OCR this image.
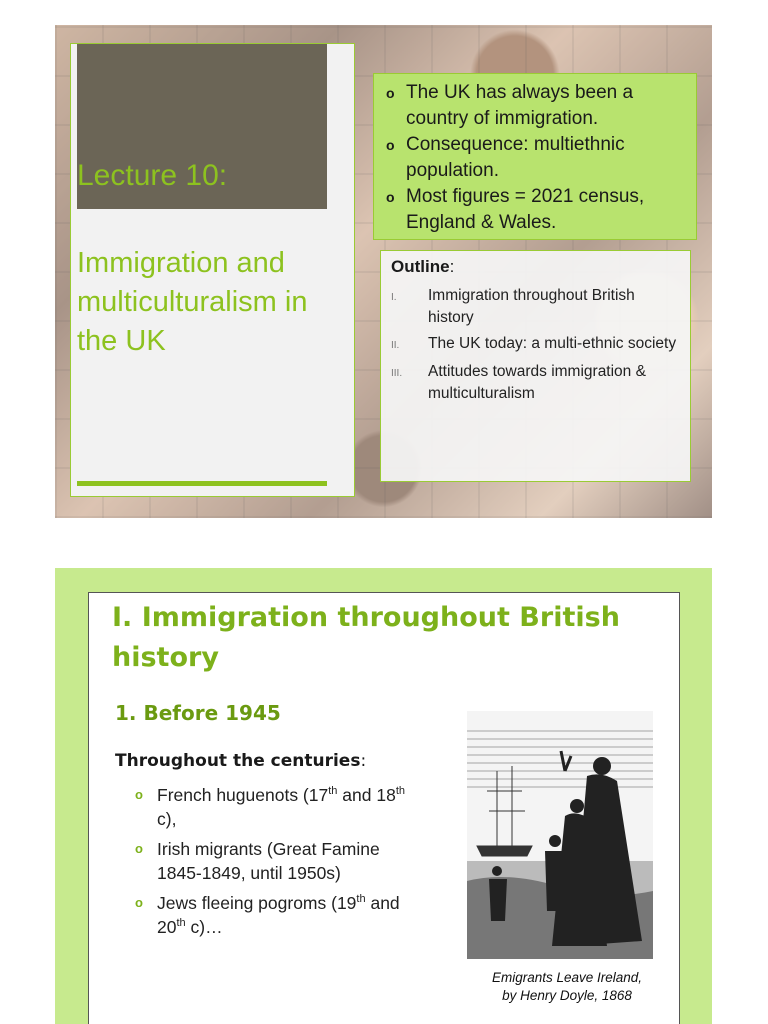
Lecture 10:
Immigration and multiculturalism in the UK
o The UK has always been a country of immigration.
o Consequence: multiethnic population.
o Most figures = 2021 census, England & Wales.
Outline:
I.	Immigration throughout British history
II.	The UK today: a multi-ethnic society
III.	Attitudes towards immigration & multiculturalism
I. Immigration throughout British history
1. Before 1945
Throughout the centuries:
o French huguenots (17th and 18th c),
o Irish migrants (Great Famine 1845-1849, until 1950s)
o Jews fleeing pogroms (19th and 20th c)…
Emigrants Leave Ireland,
by Henry Doyle, 1868
